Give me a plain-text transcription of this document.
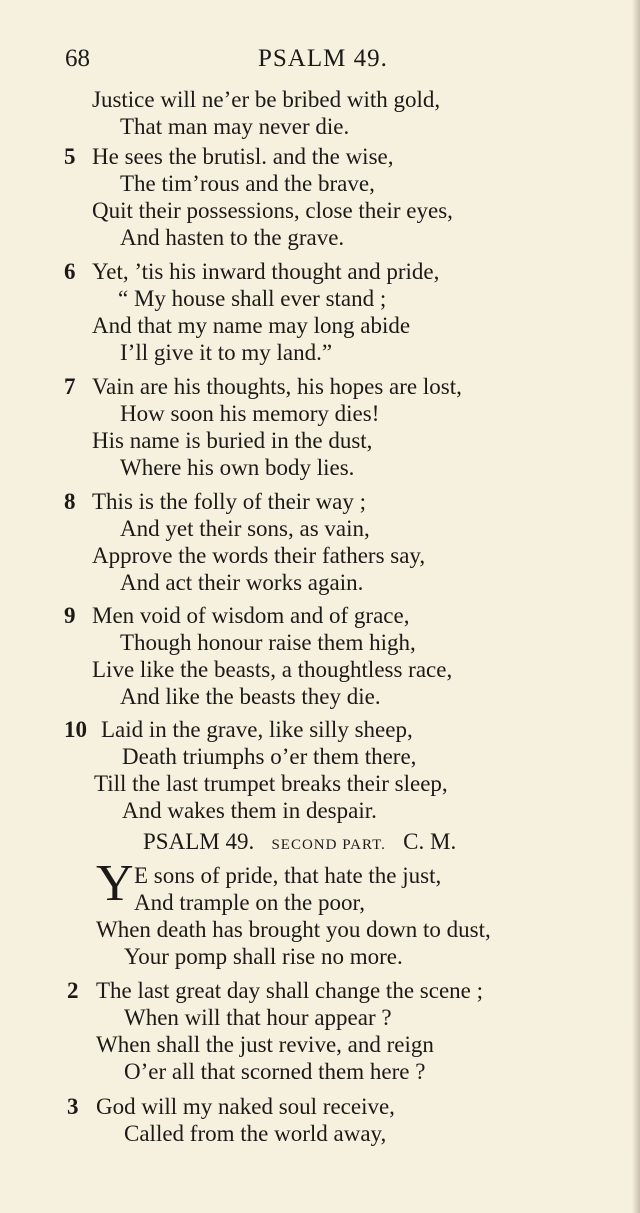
68	PSALM 49.
Justice will ne’er be bribed with gold,
That man may never die.
5 He sees the brutisl. and the wise,
The tim’rous and the brave,
Quit their possessions, close their eyes,
And hasten to the grave.
6 Yet, ’tis his inward thought and pride,
“ My house shall ever stand ;
And that my name may long abide
I’ll give it to my land.”
7 Vain are his thoughts, his hopes are lost,
How soon his memory dies!
His name is buried in the dust,
Where his own body lies.
8 This is the folly of their way ;
And yet their sons, as vain,
Approve the words their fathers say,
And act their works again.
9 Men void of wisdom and of grace,
Though honour raise them high,
Live like the beasts, a thoughtless race,
And like the beasts they die.
10 Laid in the grave, like silly sheep,
Death triumphs o’er them there,
Till the last trumpet breaks their sleep,
And wakes them in despair.
PSALM 49. SECOND PART. C. M.
Y E sons of pride, that hate the just,
And trample on the poor,
When death has brought you down to dust,
Your pomp shall rise no more.
2 The last great day shall change the scene ;
When will that hour appear ?
When shall the just revive, and reign
O’er all that scorned them here ?
3 God will my naked soul receive,
Called from the world away,
